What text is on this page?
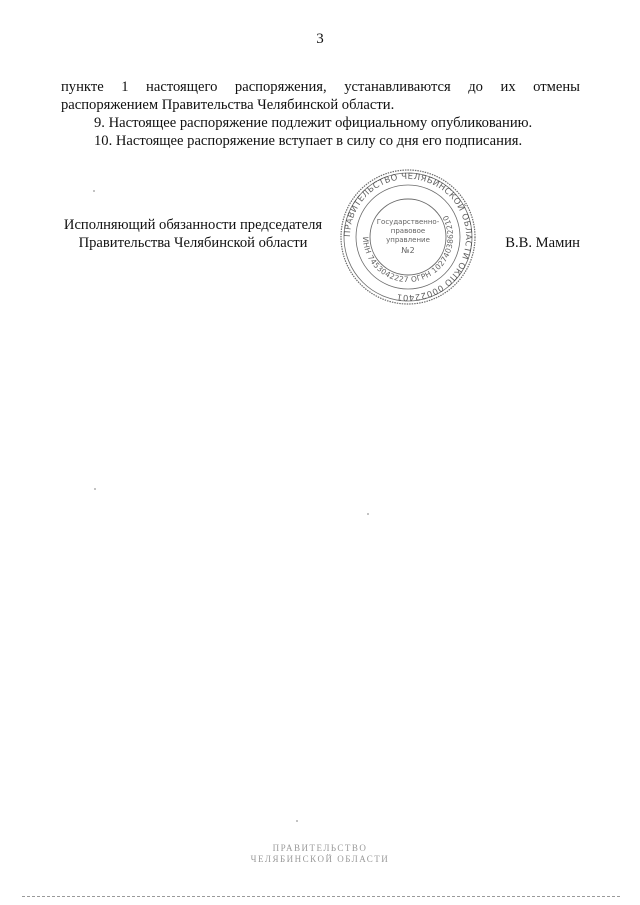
3

пункте 1 настоящего распоряжения, устанавливаются до их отмены

распоряжением Правительства Челябинской области.

9. Настоящее распоряжение подлежит официальному опубликованию.

10. Настоящее распоряжение вступает в силу со дня его подписания.

Исполняющий обязанности председателя
Правительства Челябинской области	В.В. Мамин
ПРАВИТЕЛЬСТВО ЧЕЛЯБИНСКОЙ ОБЛАСТИ ОКПО 00022401
ИНН 7453042227 ОГРН 1027403862210
Государственно-
правовое
управление
№2
ПРАВИТЕЛЬСТВО
ЧЕЛЯБИНСКОЙ ОБЛАСТИ
